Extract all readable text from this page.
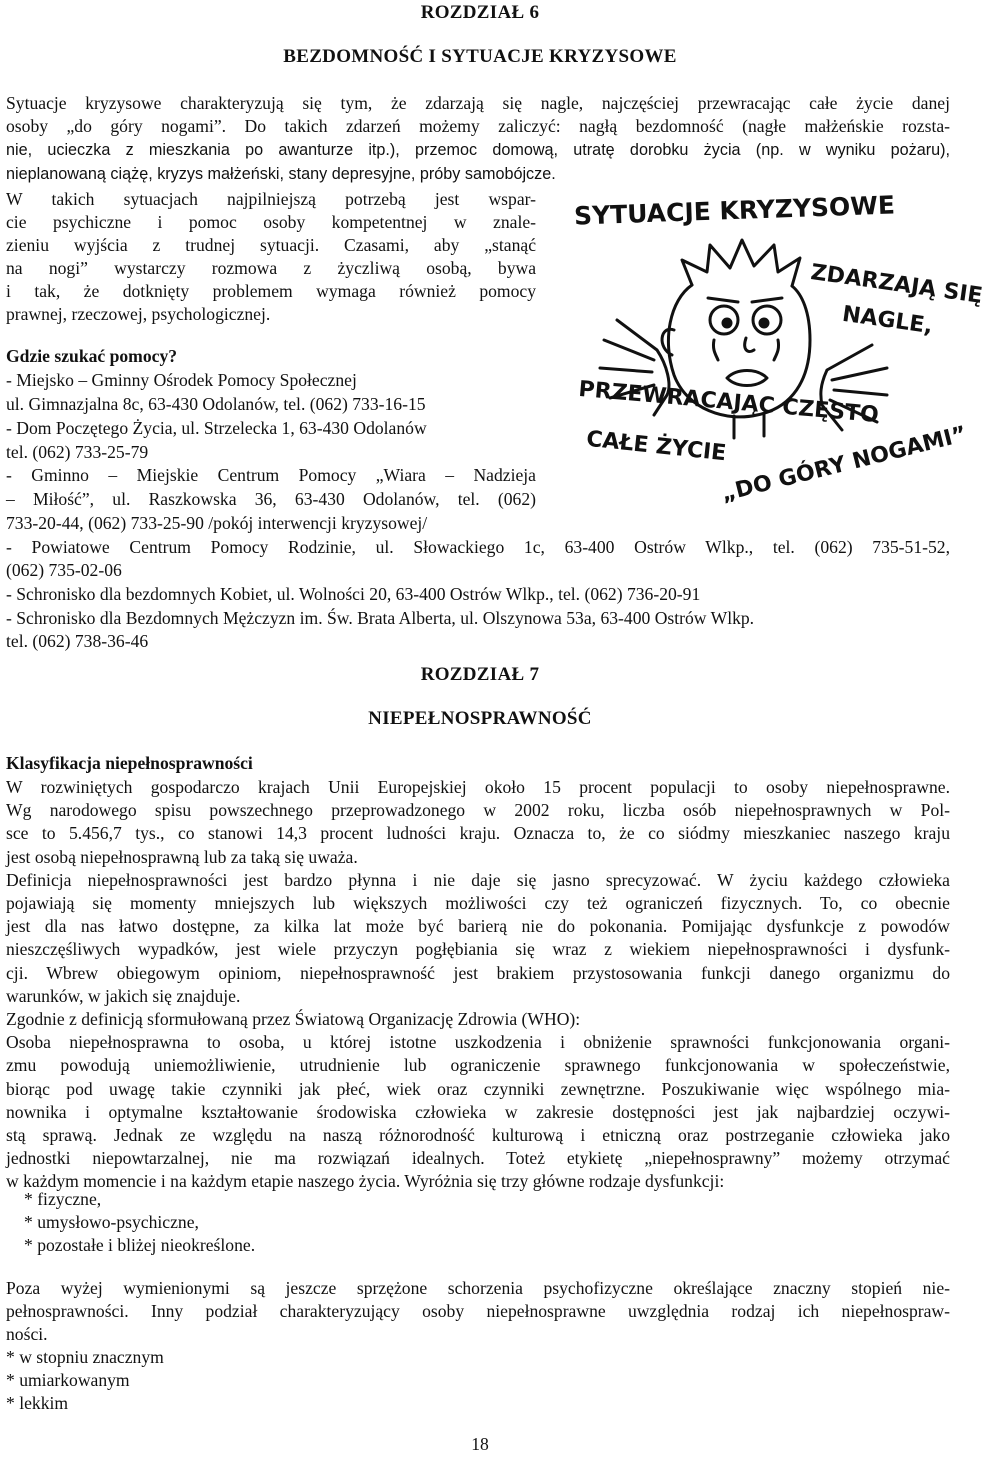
ROZDZIAŁ 6
BEZDOMNOŚĆ I SYTUACJE KRYZYSOWE
Sytuacje kryzysowe charakteryzują się tym, że zdarzają się nagle, najczęściej przewracając całe życie danej
osoby „do góry nogami”. Do takich zdarzeń możemy zaliczyć: nagłą bezdomność (nagłe małżeńskie rozsta-
nie, ucieczka z mieszkania po awanturze itp.), przemoc domową, utratę dorobku życia (np. w wyniku pożaru),
nieplanowaną ciążę, kryzys małżeński, stany depresyjne, próby samobójcze.
W takich sytuacjach najpilniejszą potrzebą jest wspar-
cie psychiczne i pomoc osoby kompetentnej w znale-
zieniu wyjścia z trudnej sytuacji. Czasami, aby „stanąć
na nogi” wystarczy rozmowa z życzliwą osobą, bywa
i tak, że dotknięty problemem wymaga również pomocy
prawnej, rzeczowej, psychologicznej.
Gdzie szukać pomocy?
- Miejsko – Gminny Ośrodek Pomocy Społecznej
ul. Gimnazjalna 8c, 63-430 Odolanów, tel. (062) 733-16-15
- Dom Poczętego Życia, ul. Strzelecka 1, 63-430 Odolanów
tel. (062) 733-25-79
- Gminno – Miejskie Centrum Pomocy „Wiara – Nadzieja
– Miłość”, ul. Raszkowska 36, 63-430 Odolanów, tel. (062)
733-20-44, (062) 733-25-90 /pokój interwencji kryzysowej/
- Powiatowe Centrum Pomocy Rodzinie, ul. Słowackiego 1c, 63-400 Ostrów Wlkp., tel. (062) 735-51-52,
(062) 735-02-06
- Schronisko dla bezdomnych Kobiet, ul. Wolności 20, 63-400 Ostrów Wlkp., tel. (062) 736-20-91
- Schronisko dla Bezdomnych Mężczyzn im. Św. Brata Alberta, ul. Olszynowa 53a, 63-400 Ostrów Wlkp.
tel. (062) 738-36-46
SYTUACJE KRYZYSOWE
ZDARZAJĄ SIĘ
NAGLE,
PRZEWRACAJĄC CZĘSTO
CAŁE ŻYCIE
„DO GÓRY NOGAMI”
ROZDZIAŁ 7
NIEPEŁNOSPRAWNOŚĆ
Klasyfikacja niepełnosprawności
W rozwiniętych gospodarczo krajach Unii Europejskiej około 15 procent populacji to osoby niepełnosprawne.
Wg narodowego spisu powszechnego przeprowadzonego w 2002 roku, liczba osób niepełnosprawnych w Pol-
sce to 5.456,7 tys., co stanowi 14,3 procent ludności kraju. Oznacza to, że co siódmy mieszkaniec naszego kraju
jest osobą niepełnosprawną lub za taką się uważa.
Definicja niepełnosprawności jest bardzo płynna i nie daje się jasno sprecyzować. W życiu każdego człowieka
pojawiają się momenty mniejszych lub większych możliwości czy też ograniczeń fizycznych. To, co obecnie
jest dla nas łatwo dostępne, za kilka lat może być barierą nie do pokonania. Pomijając dysfunkcje z powodów
nieszczęśliwych wypadków, jest wiele przyczyn pogłębiania się wraz z wiekiem niepełnosprawności i dysfunk-
cji. Wbrew obiegowym opiniom, niepełnosprawność jest brakiem przystosowania funkcji danego organizmu do
warunków, w jakich się znajduje.
Zgodnie z definicją sformułowaną przez Światową Organizację Zdrowia (WHO):
Osoba niepełnosprawna to osoba, u której istotne uszkodzenia i obniżenie sprawności funkcjonowania organi-
zmu powodują uniemożliwienie, utrudnienie lub ograniczenie sprawnego funkcjonowania w społeczeństwie,
biorąc pod uwagę takie czynniki jak płeć, wiek oraz czynniki zewnętrzne. Poszukiwanie więc wspólnego mia-
nownika i optymalne kształtowanie środowiska człowieka w zakresie dostępności jest jak najbardziej oczywi-
stą sprawą. Jednak ze względu na naszą różnorodność kulturową i etniczną oraz postrzeganie człowieka jako
jednostki niepowtarzalnej, nie ma rozwiązań idealnych. Toteż etykietę „niepełnosprawny” możemy otrzymać
w każdym momencie i na każdym etapie naszego życia. Wyróżnia się trzy główne rodzaje dysfunkcji:
* fizyczne,
* umysłowo-psychiczne,
* pozostałe i bliżej nieokreślone.
Poza wyżej wymienionymi są jeszcze sprzężone schorzenia psychofizyczne określające znaczny stopień nie-
pełnosprawności. Inny podział charakteryzujący osoby niepełnosprawne uwzględnia rodzaj ich niepełnospraw-
ności.
* w stopniu znacznym
* umiarkowanym
* lekkim
18
